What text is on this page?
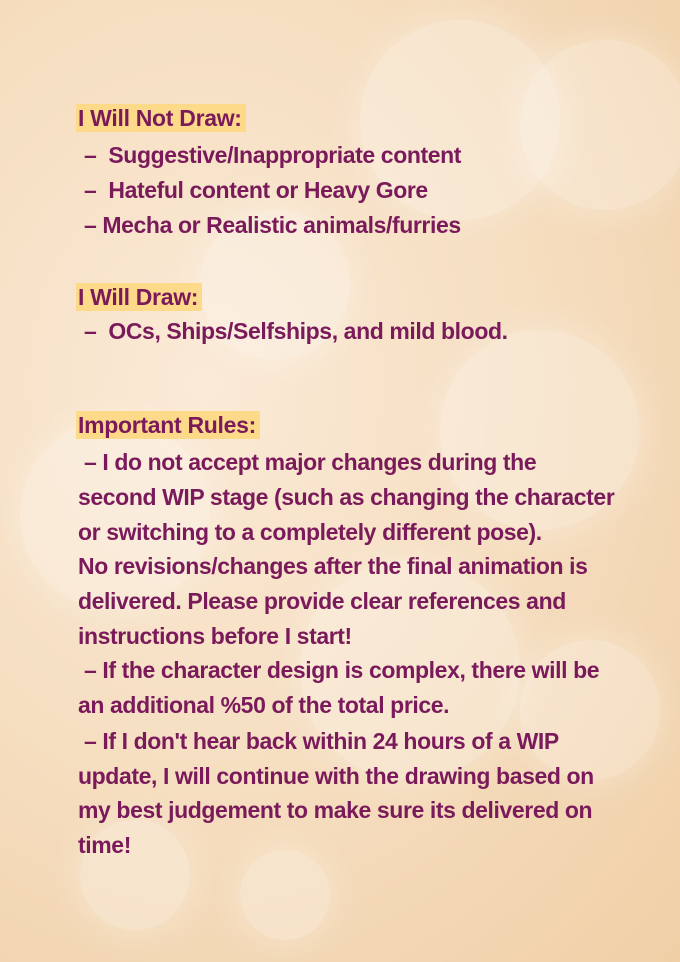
I Will Not Draw:
–  Suggestive/Inappropriate content
–  Hateful content or Heavy Gore
– Mecha or Realistic animals/furries
I Will Draw:
–  OCs, Ships/Selfships, and mild blood.
Important Rules:
– I do not accept major changes during the
second WIP stage (such as changing the character
or switching to a completely different pose).
No revisions/changes after the final animation is
delivered. Please provide clear references and
instructions before I start!
– If the character design is complex, there will be
an additional %50 of the total price.
– If I don't hear back within 24 hours of a WIP
update, I will continue with the drawing based on
my best judgement to make sure its delivered on
time!
